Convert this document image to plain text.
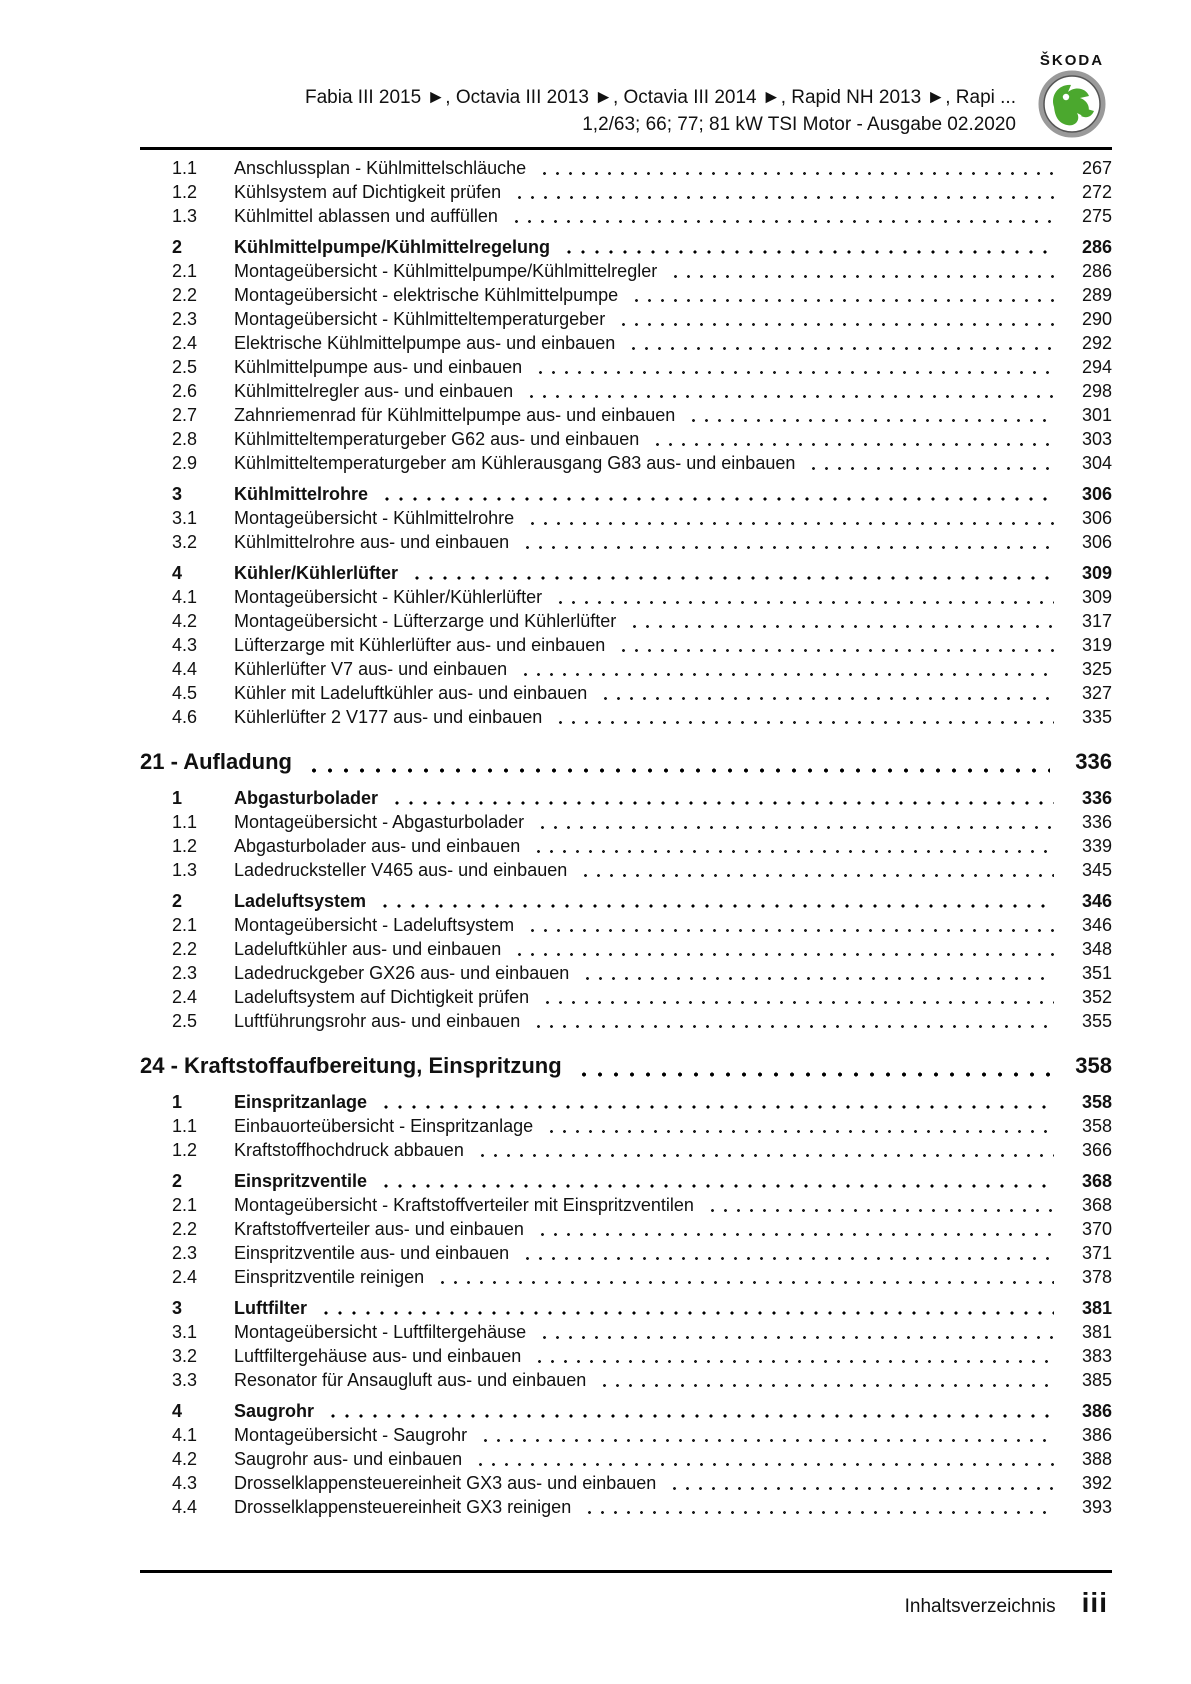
Fabia III 2015 ►, Octavia III 2013 ►, Octavia III 2014 ►, Rapid NH 2013 ►, Rapi ...
1,2/63; 66; 77; 81 kW TSI Motor - Ausgabe 02.2020
ŠKODA
1.1	Anschlussplan - Kühlmittelschläuche	267
1.2	Kühlsystem auf Dichtigkeit prüfen	272
1.3	Kühlmittel ablassen und auffüllen	275
2	Kühlmittelpumpe/Kühlmittelregelung	286
2.1	Montageübersicht - Kühlmittelpumpe/Kühlmittelregler	286
2.2	Montageübersicht - elektrische Kühlmittelpumpe	289
2.3	Montageübersicht - Kühlmitteltemperaturgeber	290
2.4	Elektrische Kühlmittelpumpe aus- und einbauen	292
2.5	Kühlmittelpumpe aus- und einbauen	294
2.6	Kühlmittelregler aus- und einbauen	298
2.7	Zahnriemenrad für Kühlmittelpumpe aus- und einbauen	301
2.8	Kühlmitteltemperaturgeber G62 aus- und einbauen	303
2.9	Kühlmitteltemperaturgeber am Kühlerausgang G83 aus- und einbauen	304
3	Kühlmittelrohre	306
3.1	Montageübersicht - Kühlmittelrohre	306
3.2	Kühlmittelrohre aus- und einbauen	306
4	Kühler/Kühlerlüfter	309
4.1	Montageübersicht - Kühler/Kühlerlüfter	309
4.2	Montageübersicht - Lüfterzarge und Kühlerlüfter	317
4.3	Lüfterzarge mit Kühlerlüfter aus- und einbauen	319
4.4	Kühlerlüfter V7 aus- und einbauen	325
4.5	Kühler mit Ladeluftkühler aus- und einbauen	327
4.6	Kühlerlüfter 2 V177 aus- und einbauen	335
21 - Aufladung	336
1	Abgasturbolader	336
1.1	Montageübersicht - Abgasturbolader	336
1.2	Abgasturbolader aus- und einbauen	339
1.3	Ladedrucksteller V465 aus- und einbauen	345
2	Ladeluftsystem	346
2.1	Montageübersicht - Ladeluftsystem	346
2.2	Ladeluftkühler aus- und einbauen	348
2.3	Ladedruckgeber GX26 aus- und einbauen	351
2.4	Ladeluftsystem auf Dichtigkeit prüfen	352
2.5	Luftführungsrohr aus- und einbauen	355
24 - Kraftstoffaufbereitung, Einspritzung	358
1	Einspritzanlage	358
1.1	Einbauorteübersicht - Einspritzanlage	358
1.2	Kraftstoffhochdruck abbauen	366
2	Einspritzventile	368
2.1	Montageübersicht - Kraftstoffverteiler mit Einspritzventilen	368
2.2	Kraftstoffverteiler aus- und einbauen	370
2.3	Einspritzventile aus- und einbauen	371
2.4	Einspritzventile reinigen	378
3	Luftfilter	381
3.1	Montageübersicht - Luftfiltergehäuse	381
3.2	Luftfiltergehäuse aus- und einbauen	383
3.3	Resonator für Ansaugluft aus- und einbauen	385
4	Saugrohr	386
4.1	Montageübersicht - Saugrohr	386
4.2	Saugrohr aus- und einbauen	388
4.3	Drosselklappensteuereinheit GX3 aus- und einbauen	392
4.4	Drosselklappensteuereinheit GX3 reinigen	393
Inhaltsverzeichnis iii
